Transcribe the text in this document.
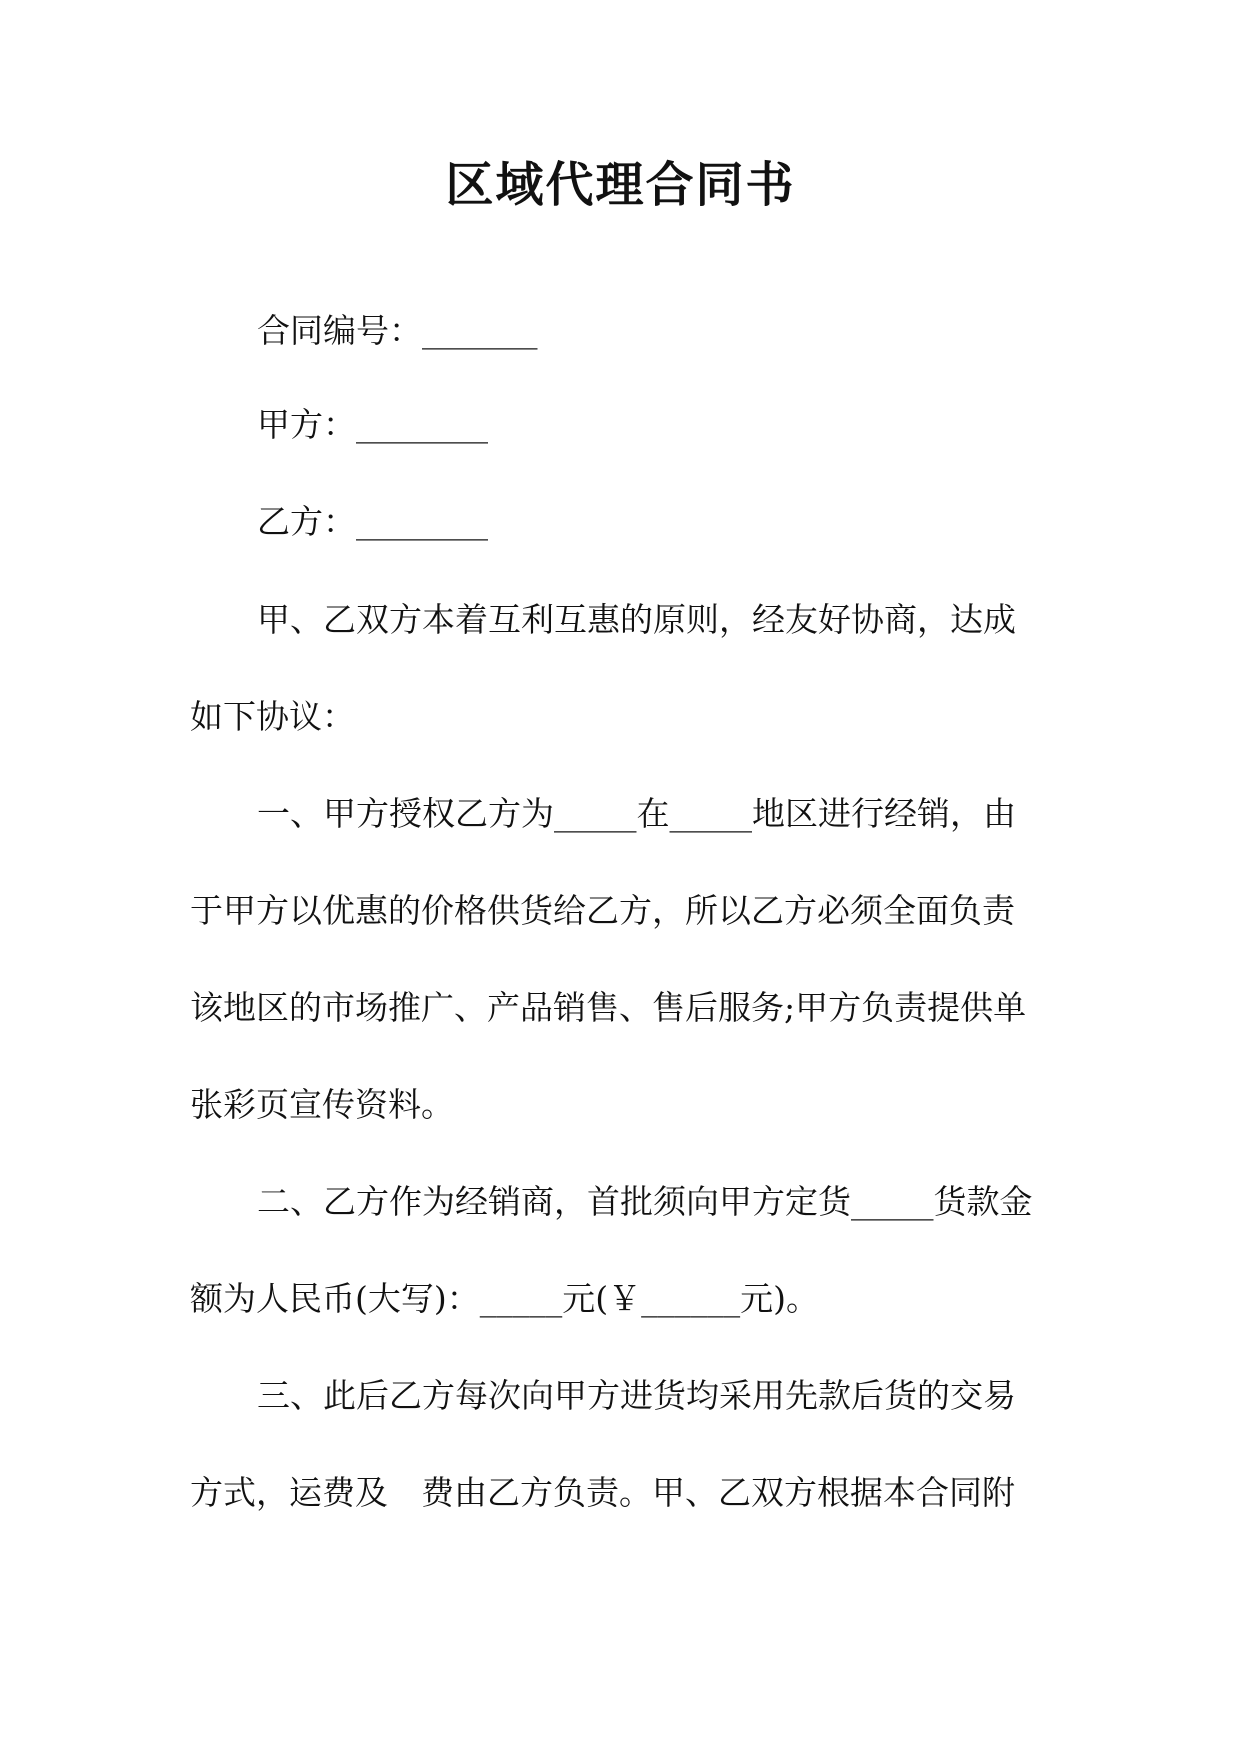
区域代理合同书
合同编号：_______
甲方：________
乙方：________
甲、乙双方本着互利互惠的原则，经友好协商，达成
如下协议：
一、甲方授权乙方为_____在_____地区进行经销，由
于甲方以优惠的价格供货给乙方，所以乙方必须全面负责
该地区的市场推广、产品销售、售后服务;甲方负责提供单
张彩页宣传资料。
二、乙方作为经销商，首批须向甲方定货_____货款金
额为人民币(大写)：_____元(￥______元)。
三、此后乙方每次向甲方进货均采用先款后货的交易
方式，运费及　费由乙方负责。甲、乙双方根据本合同附
